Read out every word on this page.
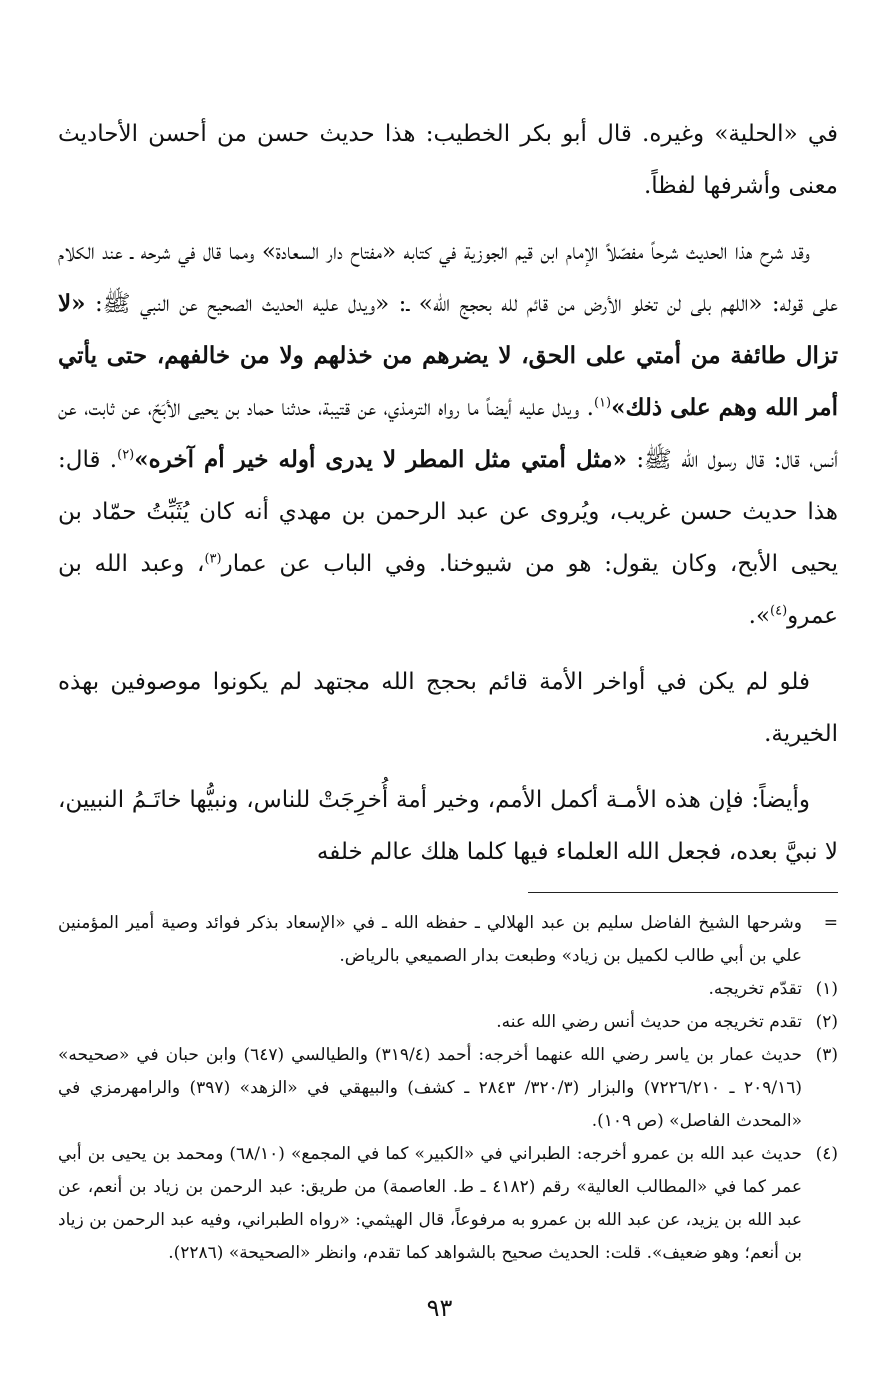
في «الحلية» وغيره. قال أبو بكر الخطيب: هذا حديث حسن من أحسن الأحاديث معنى وأشرفها لفظاً.

وقد شرح هذا الحديث شرحاً مفصّلاً الإمام ابن قيم الجوزية في كتابه «مفتاح دار السعادة» ومما قال في شرحه ـ عند الكلام على قوله: «اللهم بلى لن تخلو الأرض من قائم لله بحجج الله» ـ: «ويدل عليه الحديث الصحيح عن النبي ﷺ: «لا تزال طائفة من أمتي على الحق، لا يضرهم من خذلهم ولا من خالفهم، حتى يأتي أمر الله وهم على ذلك»$^{(١)}$. ويدل عليه أيضاً ما رواه الترمذي، عن قتيبة، حدثنا حماد بن يحيى الأبَحّ، عن ثابت، عن أنس، قال: قال رسول الله ﷺ: «مثل أمتي مثل المطر لا يدرى أوله خير أم آخره»$^{(٢)}$. قال: هذا حديث حسن غريب، ويُروى عن عبد الرحمن بن مهدي أنه كان يُثَبِّتُ حمّاد بن يحيى الأبح، وكان يقول: هو من شيوخنا. وفي الباب عن عمار$^{(٣)}$، وعبد الله بن عمرو$^{(٤)}$».

فلو لم يكن في أواخر الأمة قائم بحجج الله مجتهد لم يكونوا موصوفين بهذه الخيرية.

وأيضاً: فإن هذه الأمـة أكمل الأمم، وخير أمة أُخرِجَتْ للناس، ونبيُّها خاتَـمُ النبيين، لا نبيَّ بعده، فجعل الله العلماء فيها كلما هلك عالم خلفه

=
وشرحها الشيخ الفاضل سليم بن عبد الهلالي ـ حفظه الله ـ في «الإسعاد بذكر فوائد وصية أمير المؤمنين علي بن أبي طالب لكميل بن زياد» وطبعت بدار الصميعي بالرياض.
(١)
تقدّم تخريجه.
(٢)
تقدم تخريجه من حديث أنس رضي الله عنه.
(٣)
حديث عمار بن ياسر رضي الله عنهما أخرجه: أحمد (٣١٩/٤) والطيالسي (٦٤٧) وابن حبان في «صحيحه» (٢٠٩/١٦ ـ ٧٢٢٦/٢١٠) والبزار (٣٢٠/٣/ ٢٨٤٣ ـ كشف) والبيهقي في «الزهد» (٣٩٧) والرامهرمزي في «المحدث الفاصل» (ص ١٠٩).
(٤)
حديث عبد الله بن عمرو أخرجه: الطبراني في «الكبير» كما في المجمع» (٦٨/١٠) ومحمد بن يحيى بن أبي عمر كما في «المطالب العالية» رقم (٤١٨٢ ـ ط. العاصمة) من طريق: عبد الرحمن بن زياد بن أنعم، عن عبد الله بن يزيد، عن عبد الله بن عمرو به مرفوعاً، قال الهيثمي: «رواه الطبراني، وفيه عبد الرحمن بن زياد بن أنعم؛ وهو ضعيف». قلت: الحديث صحيح بالشواهد كما تقدم، وانظر «الصحيحة» (٢٢٨٦).
٩٣
